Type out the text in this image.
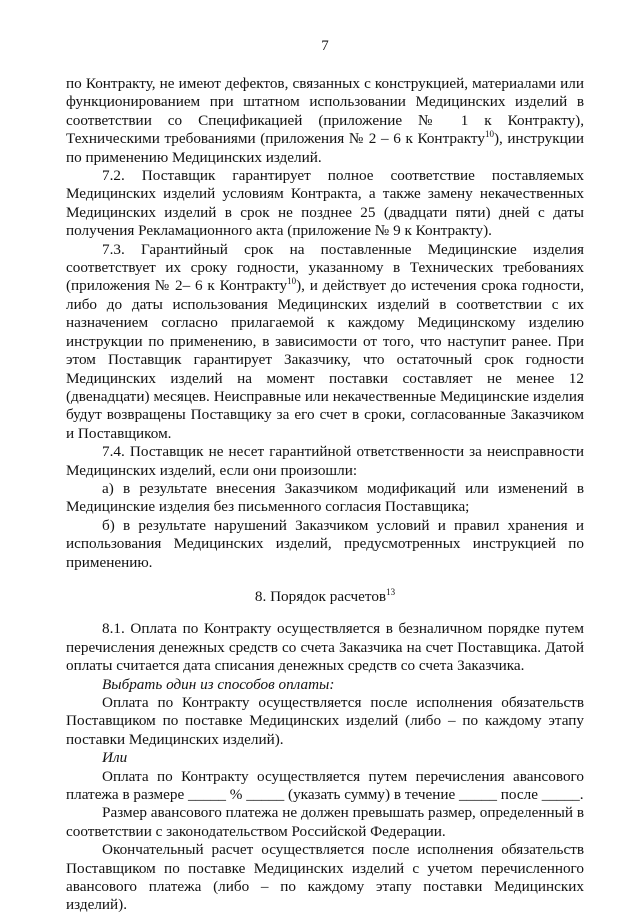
7

по Контракту, не имеют дефектов, связанных с конструкцией, материалами или функционированием при штатном использовании Медицинских изделий в соответствии со Спецификацией (приложение № 1 к Контракту), Техническими требованиями (приложения № 2 – 6 к Контракту$^{10}$), инструкции по применению Медицинских изделий.

7.2. Поставщик гарантирует полное соответствие поставляемых Медицинских изделий условиям Контракта, а также замену некачественных Медицинских изделий в срок не позднее 25 (двадцати пяти) дней с даты получения Рекламационного акта (приложение № 9 к Контракту).

7.3. Гарантийный срок на поставленные Медицинские изделия соответствует их сроку годности, указанному в Технических требованиях (приложения № 2– 6 к Контракту$^{10}$), и действует до истечения срока годности, либо до даты использования Медицинских изделий в соответствии с их назначением согласно прилагаемой к каждому Медицинскому изделию инструкции по применению, в зависимости от того, что наступит ранее. При этом Поставщик гарантирует Заказчику, что остаточный срок годности Медицинских изделий на момент поставки составляет не менее 12 (двенадцати) месяцев. Неисправные или некачественные Медицинские изделия будут возвращены Поставщику за его счет в сроки, согласованные Заказчиком и Поставщиком.

7.4. Поставщик не несет гарантийной ответственности за неисправности Медицинских изделий, если они произошли:

а) в результате внесения Заказчиком модификаций или изменений в Медицинские изделия без письменного согласия Поставщика;

б) в результате нарушений Заказчиком условий и правил хранения и использования Медицинских изделий, предусмотренных инструкцией по применению.

8. Порядок расчетов$^{13}$

8.1. Оплата по Контракту осуществляется в безналичном порядке путем перечисления денежных средств со счета Заказчика на счет Поставщика. Датой оплаты считается дата списания денежных средств со счета Заказчика.

Выбрать один из способов оплаты:

Оплата по Контракту осуществляется после исполнения обязательств Поставщиком по поставке Медицинских изделий (либо – по каждому этапу поставки Медицинских изделий).

Или

Оплата по Контракту осуществляется путем перечисления авансового платежа в размере _____ % _____ (указать сумму) в течение _____ после _____.

Размер авансового платежа не должен превышать размер, определенный в соответствии с законодательством Российской Федерации.

Окончательный расчет осуществляется после исполнения обязательств Поставщиком по поставке Медицинских изделий с учетом перечисленного авансового платежа (либо – по каждому этапу поставки Медицинских изделий).
